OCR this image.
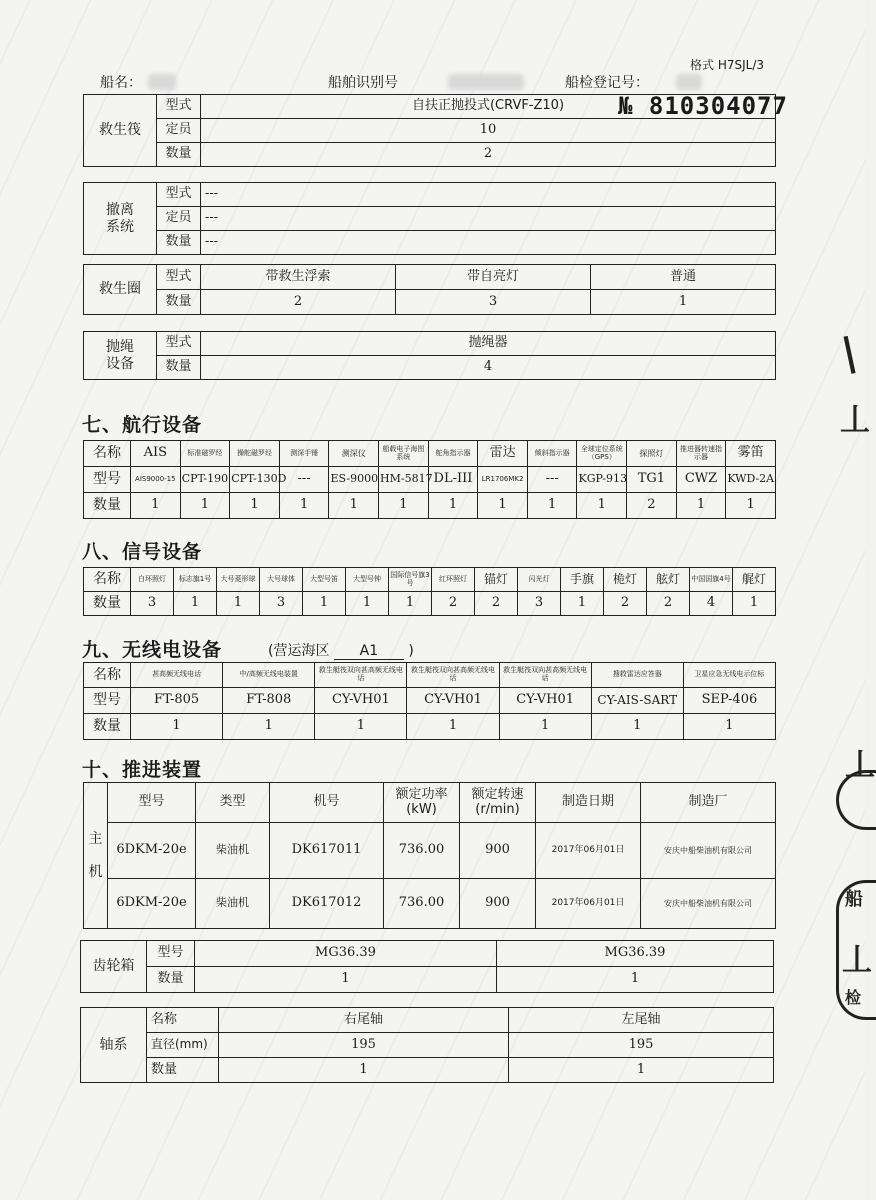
船名：	船舶识别号	船检登记号：
格式 H7SJL/3
№ 810304077
救生筏	型式	自扶正抛投式(CRVF-Z10)
	定员	10
	数量	2
撤离
系统	型式	---
	定员	---
	数量	---
救生圈	型式	带救生浮索	带自亮灯	普通
	数量	2	3	1
抛绳
设备	型式	抛绳器
	数量	4
七、航行设备
名称	AIS	标准磁罗经	操舵磁罗经	测深手锤	测深仪	船载电子海图系统	舵角指示器	雷达	倾斜指示器	全球定位系统（GPS）	探照灯	推进器转速指示器	雾笛
型号	AIS9000-15	CPT-190	CPT-130D	---	ES-9000	HM-5817	DL-III	LR1706MK2	---	KGP-913	TG1	CWZ	KWD-2A
数量	1	1	1	1	1	1	1	1	1	1	2	1	1
八、信号设备
名称	白环照灯	标志旗1号	大号菱形球	大号球体	大型号笛	大型号钟	国际信号旗3号	红环照灯	锚灯	闪光灯	手旗	桅灯	舷灯	中国国旗4号	艉灯
数量	3	1	1	3	1	1	1	2	2	3	1	2	2	4	1
九、无线电设备	(营运海区 A1 )
名称	甚高频无线电话	中/高频无线电装置	救生艇筏双向甚高频无线电话	救生艇筏双向甚高频无线电话	救生艇筏双向甚高频无线电话	搜救雷达应答器	卫星应急无线电示位标
型号	FT-805	FT-808	CY-VH01	CY-VH01	CY-VH01	CY-AIS-SART	SEP-406
数量	1	1	1	1	1	1	1
十、推进装置
主

机	型号	类型	机号	额定功率(kW)	额定转速(r/min)	制造日期	制造厂
	6DKM-20e	柴油机	DK617011	736.00	900	2017年06月01日	安庆中船柴油机有限公司
	6DKM-20e	柴油机	DK617012	736.00	900	2017年06月01日	安庆中船柴油机有限公司
齿轮箱	型号	MG36.39	MG36.39
	数量	1	1
轴系	名称	右尾轴	左尾轴
	直径(mm)	195	195
	数量	1	1
|
丄
丄
船
丄
检
